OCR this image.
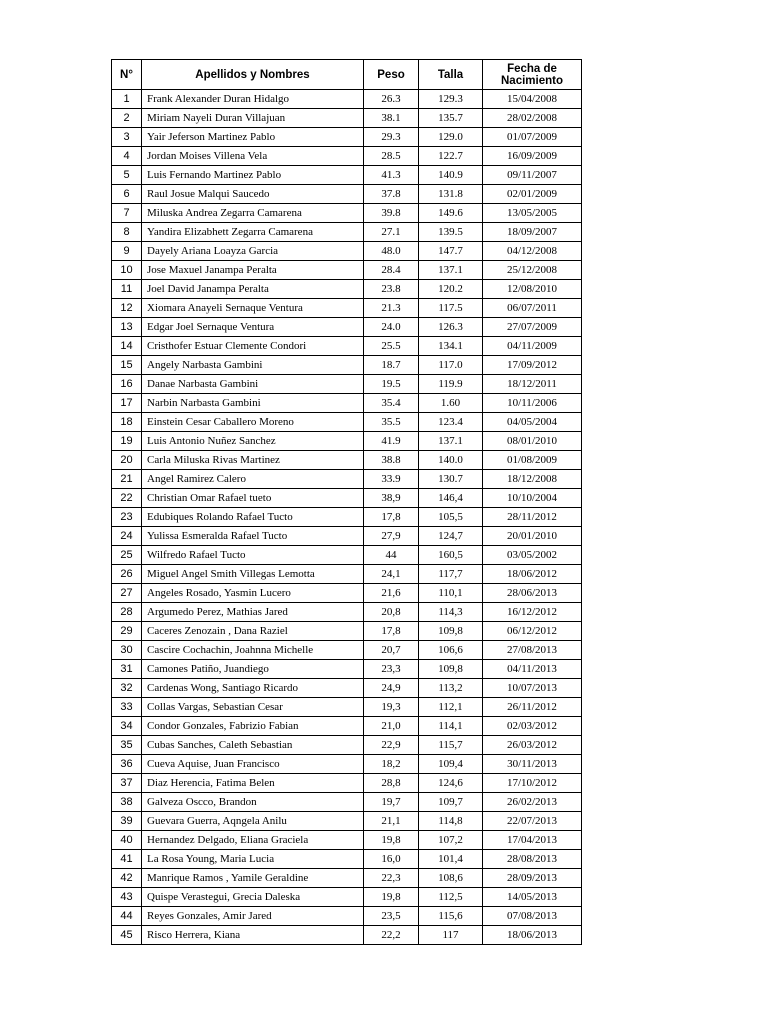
N°	Apellidos y Nombres	Peso	Talla	Fecha de Nacimiento
1	Frank Alexander Duran Hidalgo	26.3	129.3	15/04/2008
2	Miriam Nayeli Duran Villajuan	38.1	135.7	28/02/2008
3	Yair Jeferson Martinez Pablo	29.3	129.0	01/07/2009
4	Jordan Moises Villena Vela	28.5	122.7	16/09/2009
5	Luis Fernando Martinez Pablo	41.3	140.9	09/11/2007
6	Raul Josue Malqui Saucedo	37.8	131.8	02/01/2009
7	Miluska Andrea Zegarra Camarena	39.8	149.6	13/05/2005
8	Yandira Elizabhett Zegarra Camarena	27.1	139.5	18/09/2007
9	Dayely Ariana Loayza Garcia	48.0	147.7	04/12/2008
10	Jose Maxuel Janampa Peralta	28.4	137.1	25/12/2008
11	Joel David Janampa Peralta	23.8	120.2	12/08/2010
12	Xiomara Anayeli Sernaque Ventura	21.3	117.5	06/07/2011
13	Edgar Joel Sernaque Ventura	24.0	126.3	27/07/2009
14	Cristhofer Estuar Clemente Condori	25.5	134.1	04/11/2009
15	Angely Narbasta Gambini	18.7	117.0	17/09/2012
16	Danae Narbasta Gambini	19.5	119.9	18/12/2011
17	Narbin Narbasta Gambini	35.4	1.60	10/11/2006
18	Einstein Cesar Caballero Moreno	35.5	123.4	04/05/2004
19	Luis Antonio Nuñez Sanchez	41.9	137.1	08/01/2010
20	Carla Miluska Rivas Martinez	38.8	140.0	01/08/2009
21	Angel Ramirez Calero	33.9	130.7	18/12/2008
22	Christian Omar Rafael tueto	38,9	146,4	10/10/2004
23	Edubiques Rolando Rafael Tucto	17,8	105,5	28/11/2012
24	Yulissa Esmeralda Rafael Tucto	27,9	124,7	20/01/2010
25	Wilfredo Rafael Tucto	44	160,5	03/05/2002
26	Miguel Angel Smith Villegas Lemotta	24,1	117,7	18/06/2012
27	Angeles Rosado, Yasmin Lucero	21,6	110,1	28/06/2013
28	Argumedo Perez, Mathias Jared	20,8	114,3	16/12/2012
29	Caceres Zenozain , Dana Raziel	17,8	109,8	06/12/2012
30	Cascire Cochachin, Joahnna Michelle	20,7	106,6	27/08/2013
31	Camones Patiño, Juandiego	23,3	109,8	04/11/2013
32	Cardenas Wong, Santiago Ricardo	24,9	113,2	10/07/2013
33	Collas Vargas, Sebastian Cesar	19,3	112,1	26/11/2012
34	Condor Gonzales, Fabrizio Fabian	21,0	114,1	02/03/2012
35	Cubas Sanches, Caleth Sebastian	22,9	115,7	26/03/2012
36	Cueva Aquise, Juan Francisco	18,2	109,4	30/11/2013
37	Diaz Herencia, Fatima Belen	28,8	124,6	17/10/2012
38	Galveza Oscco, Brandon	19,7	109,7	26/02/2013
39	Guevara Guerra, Aqngela Anilu	21,1	114,8	22/07/2013
40	Hernandez Delgado, Eliana Graciela	19,8	107,2	17/04/2013
41	La Rosa Young, Maria Lucia	16,0	101,4	28/08/2013
42	Manrique Ramos , Yamile Geraldine	22,3	108,6	28/09/2013
43	Quispe Verastegui, Grecia Daleska	19,8	112,5	14/05/2013
44	Reyes Gonzales, Amir Jared	23,5	115,6	07/08/2013
45	Risco Herrera, Kiana	22,2	117	18/06/2013
